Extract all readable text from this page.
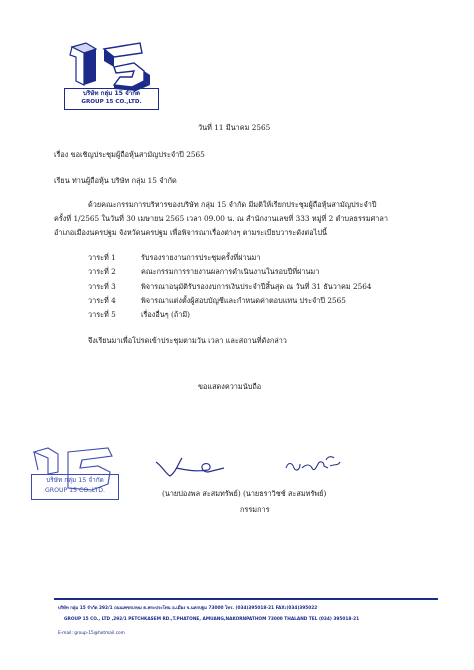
บริษัท กลุ่ม 15 จำกัด
GROUP 15 CO.,LTD.
วันที่ 11 มีนาคม 2565
เรื่อง ขอเชิญประชุมผู้ถือหุ้นสามัญประจำปี 2565
เรียน ท่านผู้ถือหุ้น บริษัท กลุ่ม 15 จำกัด
ด้วยคณะกรรมการบริหารของบริษัท กลุ่ม 15 จำกัด มีมติให้เรียกประชุมผู้ถือหุ้นสามัญประจำปี
ครั้งที่ 1/2565 ในวันที่ 30 เมษายน 2565 เวลา 09.00 น. ณ สำนักงานเลขที่ 333 หมู่ที่ 2 ตำบลธรรมศาลา
อำเภอเมืองนครปฐม จังหวัดนครปฐม เพื่อพิจารณาเรื่องต่างๆ ตามระเบียบวาระดังต่อไปนี้
วาระที่ 1	รับรองรายงานการประชุมครั้งที่ผ่านมา
วาระที่ 2	คณะกรรมการรายงานผลการดำเนินงานในรอบปีที่ผ่านมา
วาระที่ 3	พิจารณาอนุมัติรับรองงบการเงินประจำปีสิ้นสุด ณ วันที่ 31 ธันวาคม 2564
วาระที่ 4	พิจารณาแต่งตั้งผู้สอบบัญชีและกำหนดค่าตอบแทน ประจำปี 2565
วาระที่ 5	เรื่องอื่นๆ (ถ้ามี)
จึงเรียนมาเพื่อโปรดเข้าประชุมตามวัน เวลา และสถานที่ดังกล่าว
ขอแสดงความนับถือ
บริษัท กลุ่ม 15 จำกัด
GROUP 15 CO.,LTD.	(นายปองพล สะสมทรัพย์) (นายธราวิชช์ สะสมทรัพย์)
กรรมการ
บริษัท กลุ่ม 15 จำกัด 292/1 ถนนเพชรเกษม ต.พระประโทน อ.เมือง จ.นครปฐม 73000 โทร. (034)395018-21 FAX:(034)395022
GROUP 15 CO., LTD ,292/1 PETCHKASEM RD.,T.PHATONE, AMUANG,NAKORNPATHOM 73000 THALAND TEL (034) 395018-21
E-mail: group-15@hotmail.com
